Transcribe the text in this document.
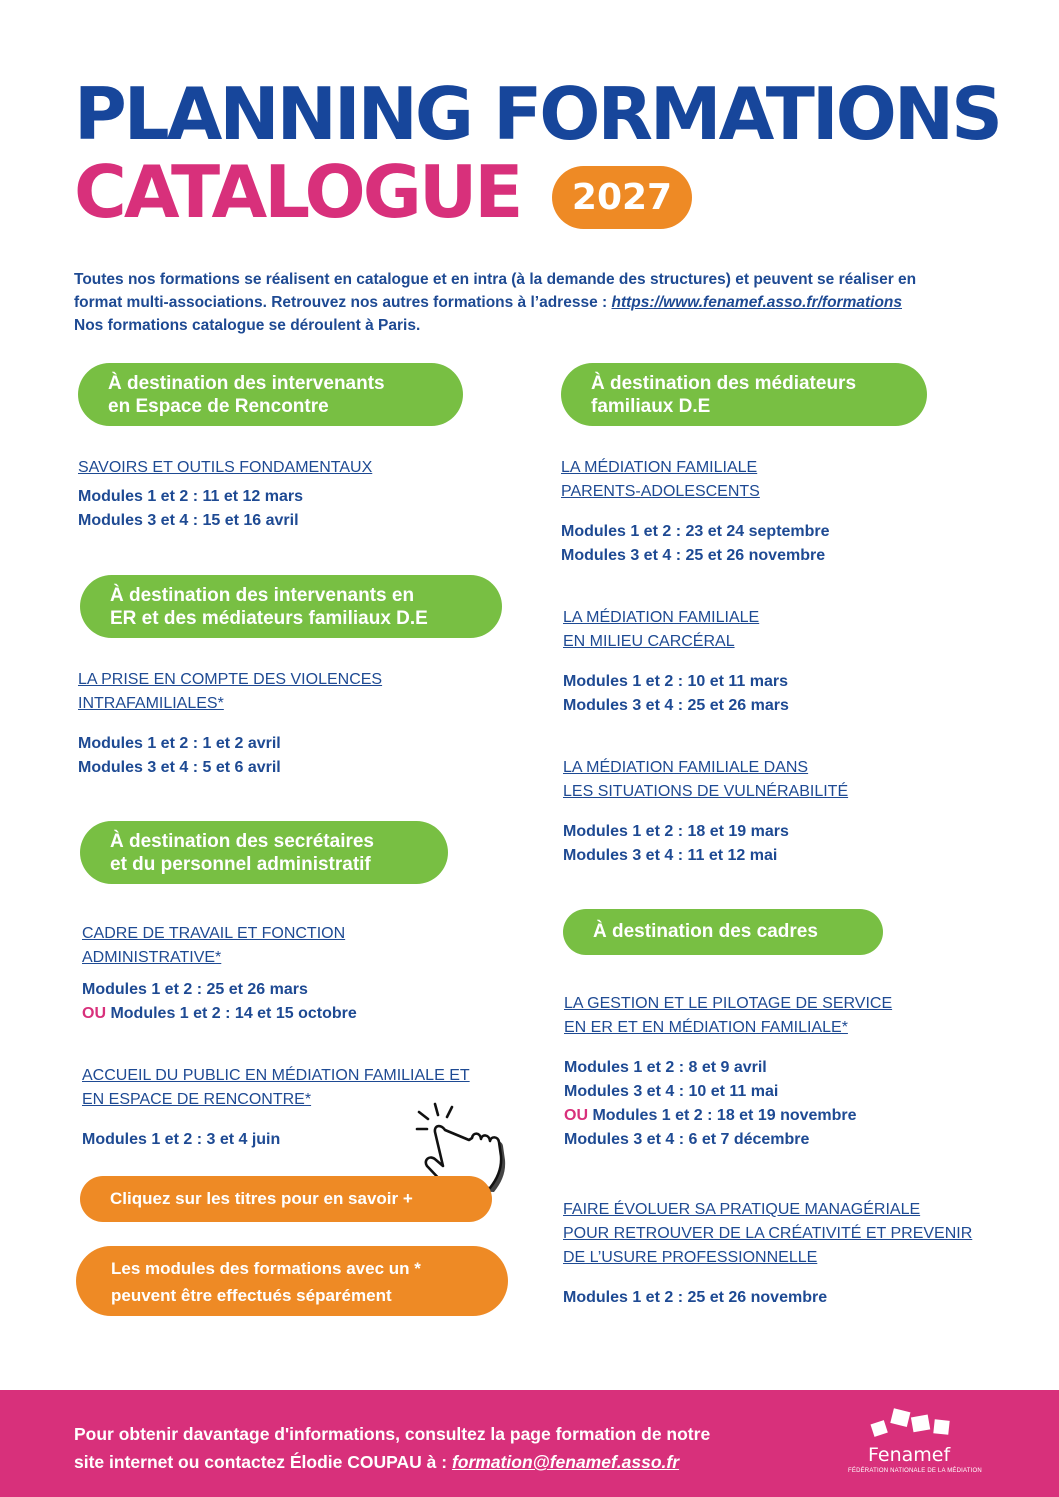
PLANNING FORMATIONS
CATALOGUE	2027
Toutes nos formations se réalisent en catalogue et en intra (à la demande des structures) et peuvent se réaliser en
format multi-associations. Retrouvez nos autres formations à l’adresse : https://www.fenamef.asso.fr/formations
Nos formations catalogue se déroulent à Paris.
À destination des intervenants
en Espace de Rencontre
SAVOIRS ET OUTILS FONDAMENTAUX
Modules 1 et 2 : 11 et 12 mars
Modules 3 et 4 : 15 et 16 avril
À destination des intervenants en
ER et des médiateurs familiaux D.E
LA PRISE EN COMPTE DES VIOLENCES
INTRAFAMILIALES*
Modules 1 et 2 : 1 et 2 avril
Modules 3 et 4 : 5 et 6 avril
À destination des secrétaires
et du personnel administratif
CADRE DE TRAVAIL ET FONCTION
ADMINISTRATIVE*
Modules 1 et 2 : 25 et 26 mars
OU Modules 1 et 2 : 14 et 15 octobre
ACCUEIL DU PUBLIC EN MÉDIATION FAMILIALE ET
EN ESPACE DE RENCONTRE*
Modules 1 et 2 : 3 et 4 juin
Cliquez sur les titres pour en savoir +
Les modules des formations avec un *
peuvent être effectués séparément
À destination des médiateurs
familiaux D.E
LA MÉDIATION FAMILIALE
PARENTS-ADOLESCENTS
Modules 1 et 2 : 23 et 24 septembre
Modules 3 et 4 : 25 et 26 novembre
LA MÉDIATION FAMILIALE
EN MILIEU CARCÉRAL
Modules 1 et 2 : 10 et 11 mars
Modules 3 et 4 : 25 et 26 mars
LA MÉDIATION FAMILIALE DANS
LES SITUATIONS DE VULNÉRABILITÉ
Modules 1 et 2 : 18 et 19 mars
Modules 3 et 4 : 11 et 12 mai
À destination des cadres
LA GESTION ET LE PILOTAGE DE SERVICE
EN ER ET EN MÉDIATION FAMILIALE*
Modules 1 et 2 : 8 et 9 avril
Modules 3 et 4 : 10 et 11 mai
OU Modules 1 et 2 : 18 et 19 novembre
Modules 3 et 4 : 6 et 7 décembre
FAIRE ÉVOLUER SA PRATIQUE MANAGÉRIALE
POUR RETROUVER DE LA CRÉATIVITÉ ET PREVENIR
DE L’USURE PROFESSIONNELLE
Modules 1 et 2 : 25 et 26 novembre
Pour obtenir davantage d'informations, consultez la page formation de notre
site internet ou contactez Élodie COUPAU à : formation@fenamef.asso.fr	Fenamef
FÉDÉRATION NATIONALE DE LA MÉDIATION
